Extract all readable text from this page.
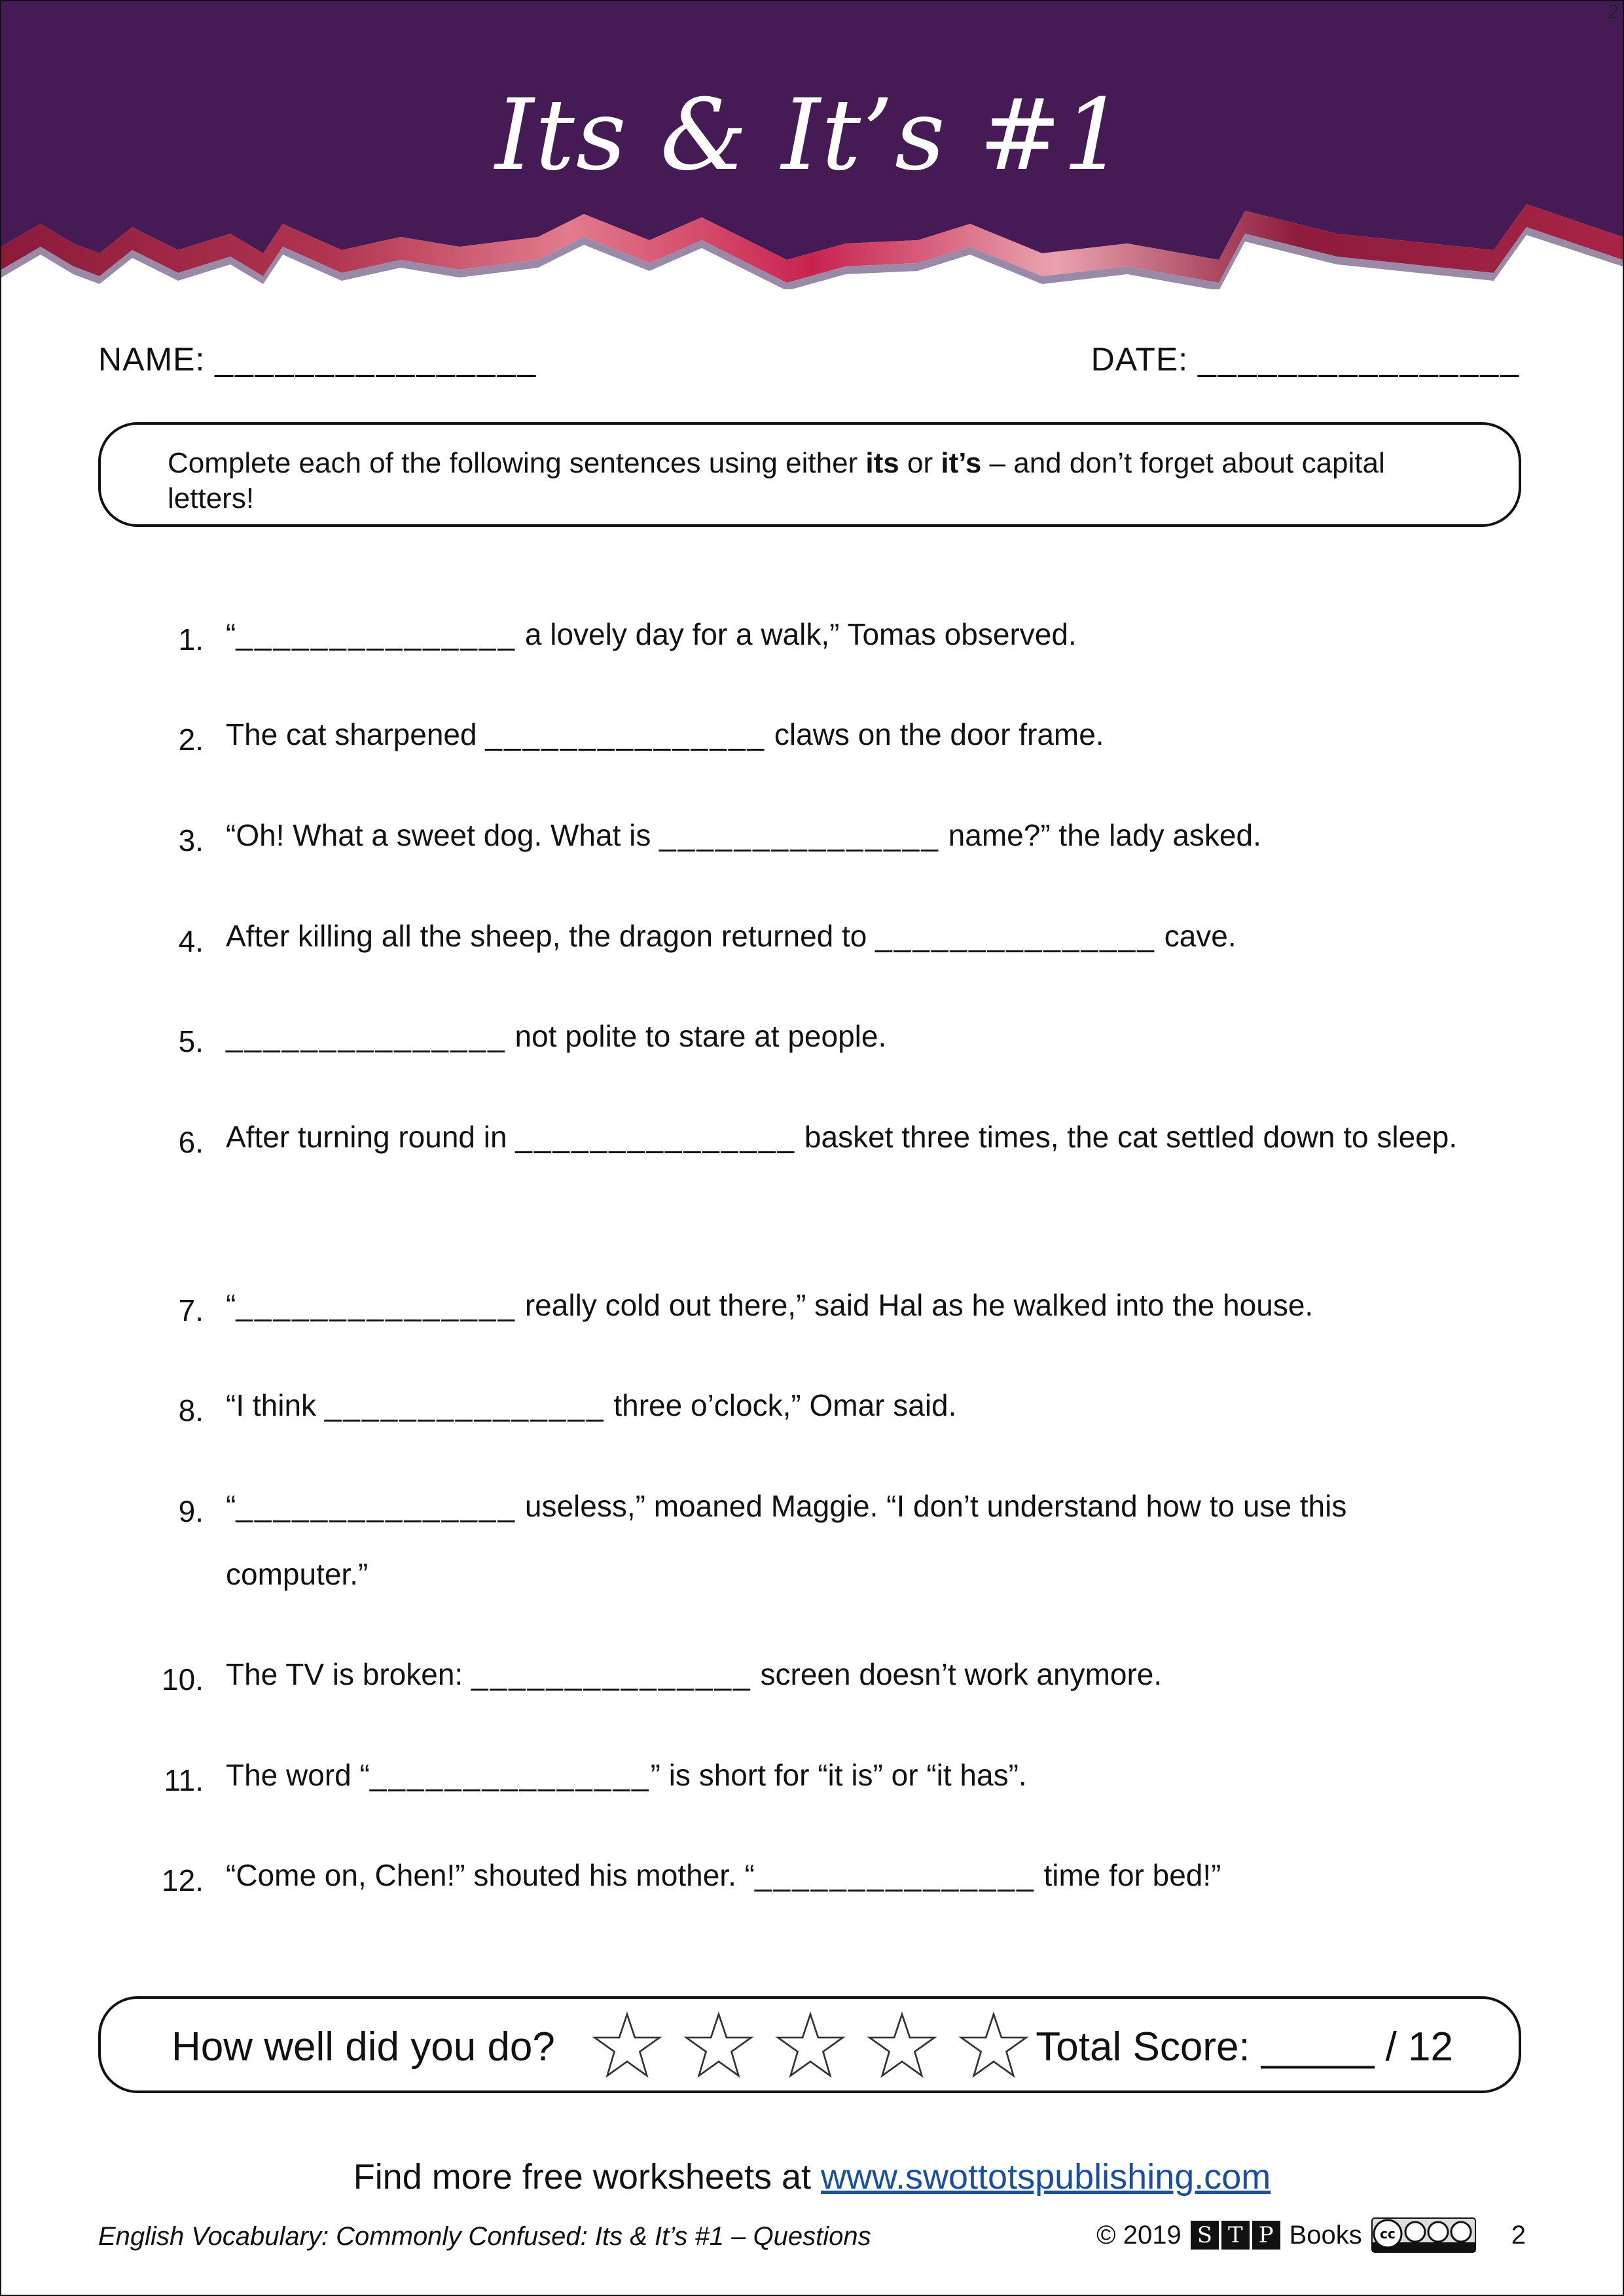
Its & It’s #1
2
NAME: ________________	DATE: ________________
Complete each of the following sentences using either its or it’s – and don’t forget about capital letters!
1. “_______________ a lovely day for a walk,” Tomas observed.
2. The cat sharpened _______________ claws on the door frame.
3. “Oh! What a sweet dog. What is _______________ name?” the lady asked.
4. After killing all the sheep, the dragon returned to _______________ cave.
5. _______________ not polite to stare at people.
6. After turning round in _______________ basket three times, the cat settled down to sleep.
7. “_______________ really cold out there,” said Hal as he walked into the house.
8. “I think _______________ three o’clock,” Omar said.
9. “_______________ useless,” moaned Maggie. “I don’t understand how to use this computer.”
10. The TV is broken: _______________ screen doesn’t work anymore.
11. The word “_______________” is short for “it is” or “it has”.
12. “Come on, Chen!” shouted his mother. “_______________ time for bed!”
How well did you do?	Total Score: _____ / 12
Find more free worksheets at www.swottotspublishing.com
English Vocabulary: Commonly Confused: Its & It’s #1 – Questions	© 2019 S T P Books cc	2
